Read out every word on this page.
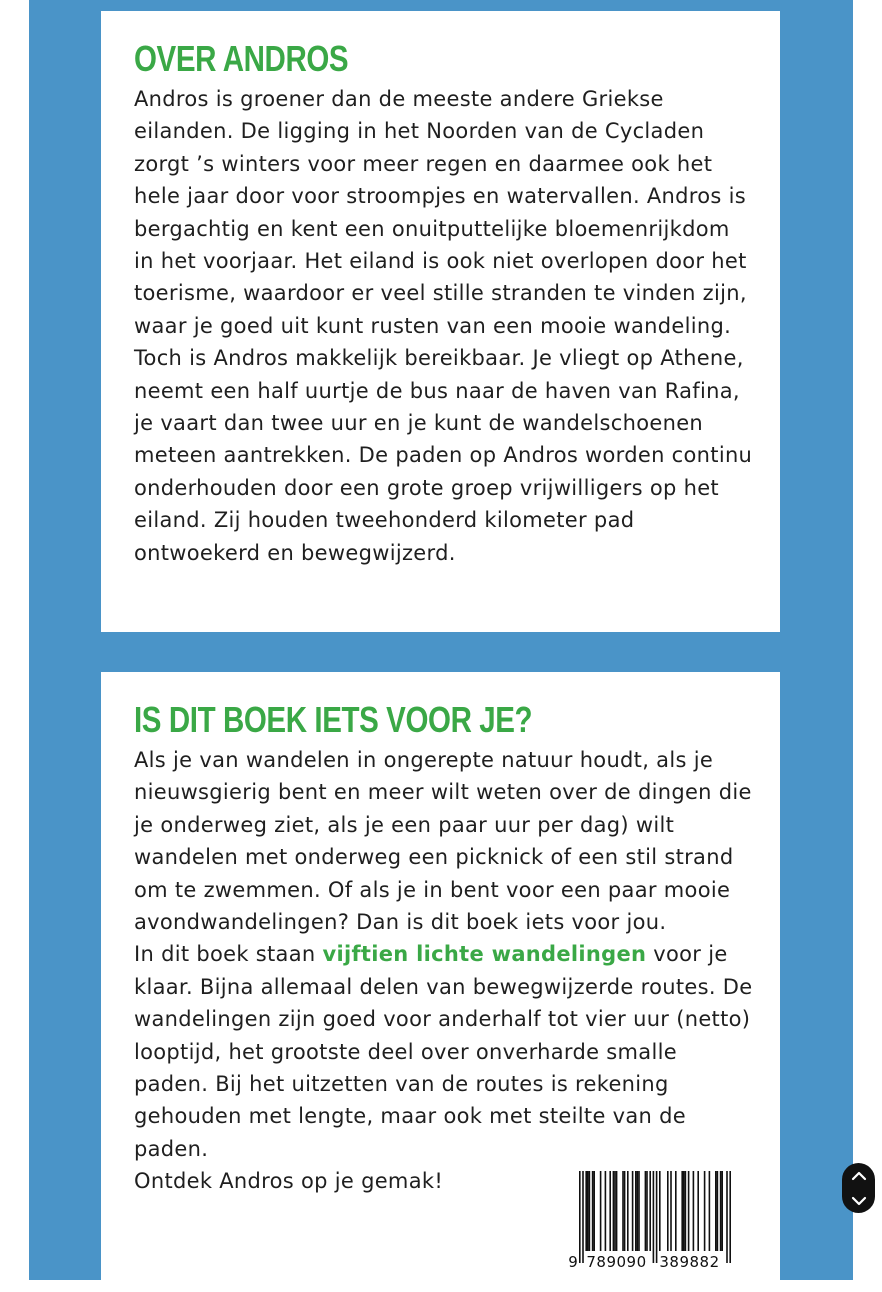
OVER ANDROS

Andros is groener dan de meeste andere Griekse eilanden. De ligging in het Noorden van de Cycladen zorgt ’s winters voor meer regen en daarmee ook het hele jaar door voor stroompjes en watervallen. Andros is bergachtig en kent een onuitputtelijke bloemenrijkdom in het voorjaar. Het eiland is ook niet overlopen door het toerisme, waardoor er veel stille stranden te vinden zijn, waar je goed uit kunt rusten van een mooie wandeling. Toch is Andros makkelijk bereikbaar. Je vliegt op Athene, neemt een half uurtje de bus naar de haven van Rafina, je vaart dan twee uur en je kunt de wandelschoenen meteen aantrekken. De paden op Andros worden continu onderhouden door een grote groep vrijwilligers op het eiland. Zij houden tweehonderd kilometer pad ontwoekerd en bewegwijzerd.

IS DIT BOEK IETS VOOR JE?

Als je van wandelen in ongerepte natuur houdt, als je nieuwsgierig bent en meer wilt weten over de dingen die je onderweg ziet, als je een paar uur per dag) wilt wandelen met onderweg een picknick of een stil strand om te zwemmen. Of als je in bent voor een paar mooie avondwandelingen? Dan is dit boek iets voor jou.

In dit boek staan vijftien lichte wandelingen voor je klaar. Bijna allemaal delen van bewegwijzerde routes. De wandelingen zijn goed voor anderhalf tot vier uur (netto) looptijd, het grootste deel over onverharde smalle paden. Bij het uitzetten van de routes is rekening gehouden met lengte, maar ook met steilte van de paden.

Ontdek Andros op je gemak!

9 789090 389882
